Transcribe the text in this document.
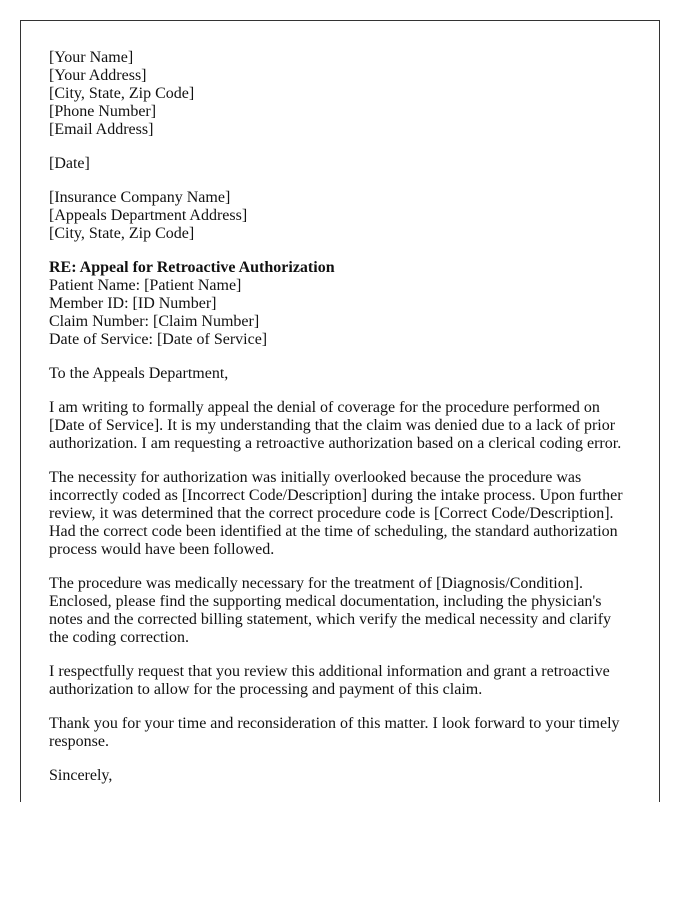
[Your Name]
[Your Address]
[City, State, Zip Code]
[Phone Number]
[Email Address]
[Date]
[Insurance Company Name]
[Appeals Department Address]
[City, State, Zip Code]
RE: Appeal for Retroactive Authorization
Patient Name: [Patient Name]
Member ID: [ID Number]
Claim Number: [Claim Number]
Date of Service: [Date of Service]

To the Appeals Department,

I am writing to formally appeal the denial of coverage for the procedure performed on
[Date of Service]. It is my understanding that the claim was denied due to a lack of prior
authorization. I am requesting a retroactive authorization based on a clerical coding error.

The necessity for authorization was initially overlooked because the procedure was
incorrectly coded as [Incorrect Code/Description] during the intake process. Upon further
review, it was determined that the correct procedure code is [Correct Code/Description].
Had the correct code been identified at the time of scheduling, the standard authorization
process would have been followed.

The procedure was medically necessary for the treatment of [Diagnosis/Condition].
Enclosed, please find the supporting medical documentation, including the physician's
notes and the corrected billing statement, which verify the medical necessity and clarify
the coding correction.

I respectfully request that you review this additional information and grant a retroactive
authorization to allow for the processing and payment of this claim.

Thank you for your time and reconsideration of this matter. I look forward to your timely
response.

Sincerely,
